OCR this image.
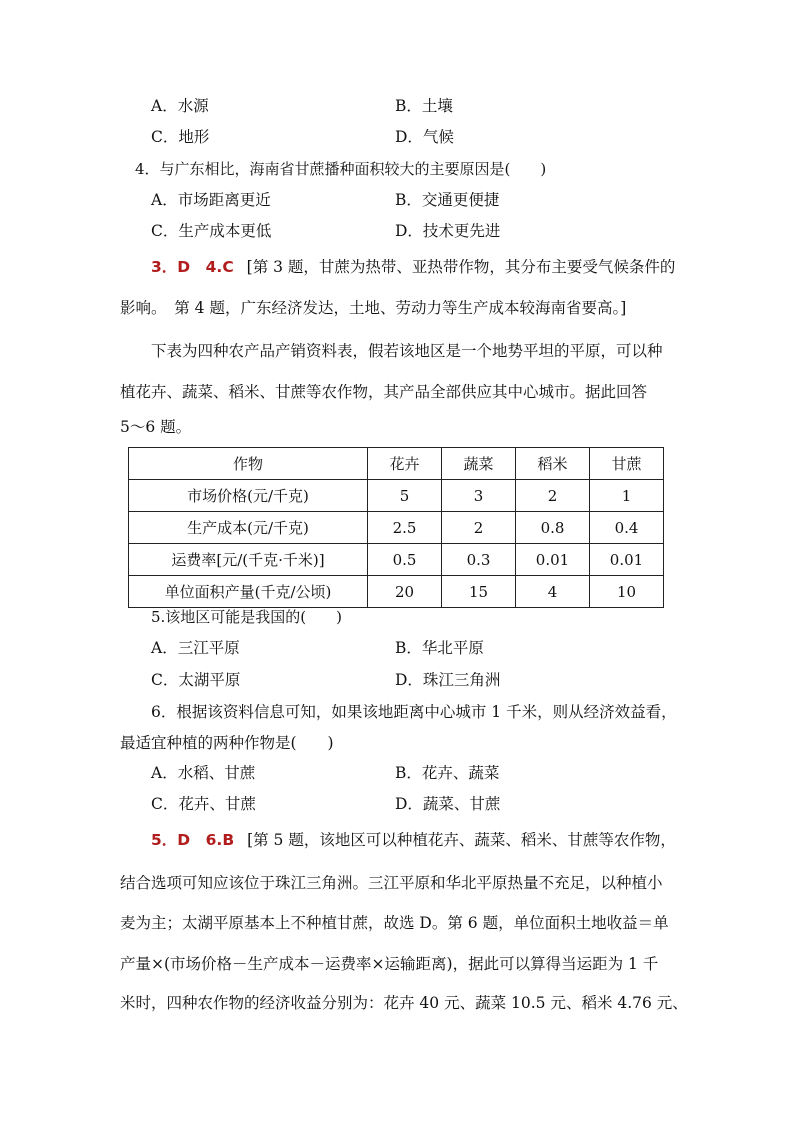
A．水源	B．土壤
C．地形	D．气候
4．与广东相比，海南省甘蔗播种面积较大的主要原因是(　　)
A．市场距离更近	B．交通更便捷
C．生产成本更低	D．技术更先进
3．D　4.C [第 3 题，甘蔗为热带、亚热带作物，其分布主要受气候条件的
影响。　第 4 题，广东经济发达，土地、劳动力等生产成本较海南省要高。]
下表为四种农产品产销资料表，假若该地区是一个地势平坦的平原，可以种
植花卉、蔬菜、稻米、甘蔗等农作物，其产品全部供应其中心城市。据此回答
5～6 题。
作物	花卉	蔬菜	稻米	甘蔗
市场价格(元/千克)	5	3	2	1
生产成本(元/千克)	2.5	2	0.8	0.4
运费率[元/(千克·千米)]	0.5	0.3	0.01	0.01
单位面积产量(千克/公顷)	20	15	4	10
5.该地区可能是我国的(　　)
A．三江平原	B．华北平原
C．太湖平原	D．珠江三角洲
6．根据该资料信息可知，如果该地距离中心城市 1 千米，则从经济效益看，
最适宜种植的两种作物是(　　)
A．水稻、甘蔗	B．花卉、蔬菜
C．花卉、甘蔗	D．蔬菜、甘蔗
5．D　6.B [第 5 题，该地区可以种植花卉、蔬菜、稻米、甘蔗等农作物，
结合选项可知应该位于珠江三角洲。三江平原和华北平原热量不充足，以种植小
麦为主；太湖平原基本上不种植甘蔗，故选 D。第 6 题，单位面积土地收益＝单
产量×(市场价格－生产成本－运费率×运输距离)，据此可以算得当运距为 1 千
米时，四种农作物的经济收益分别为：花卉 40 元、蔬菜 10.5 元、稻米 4.76 元、
